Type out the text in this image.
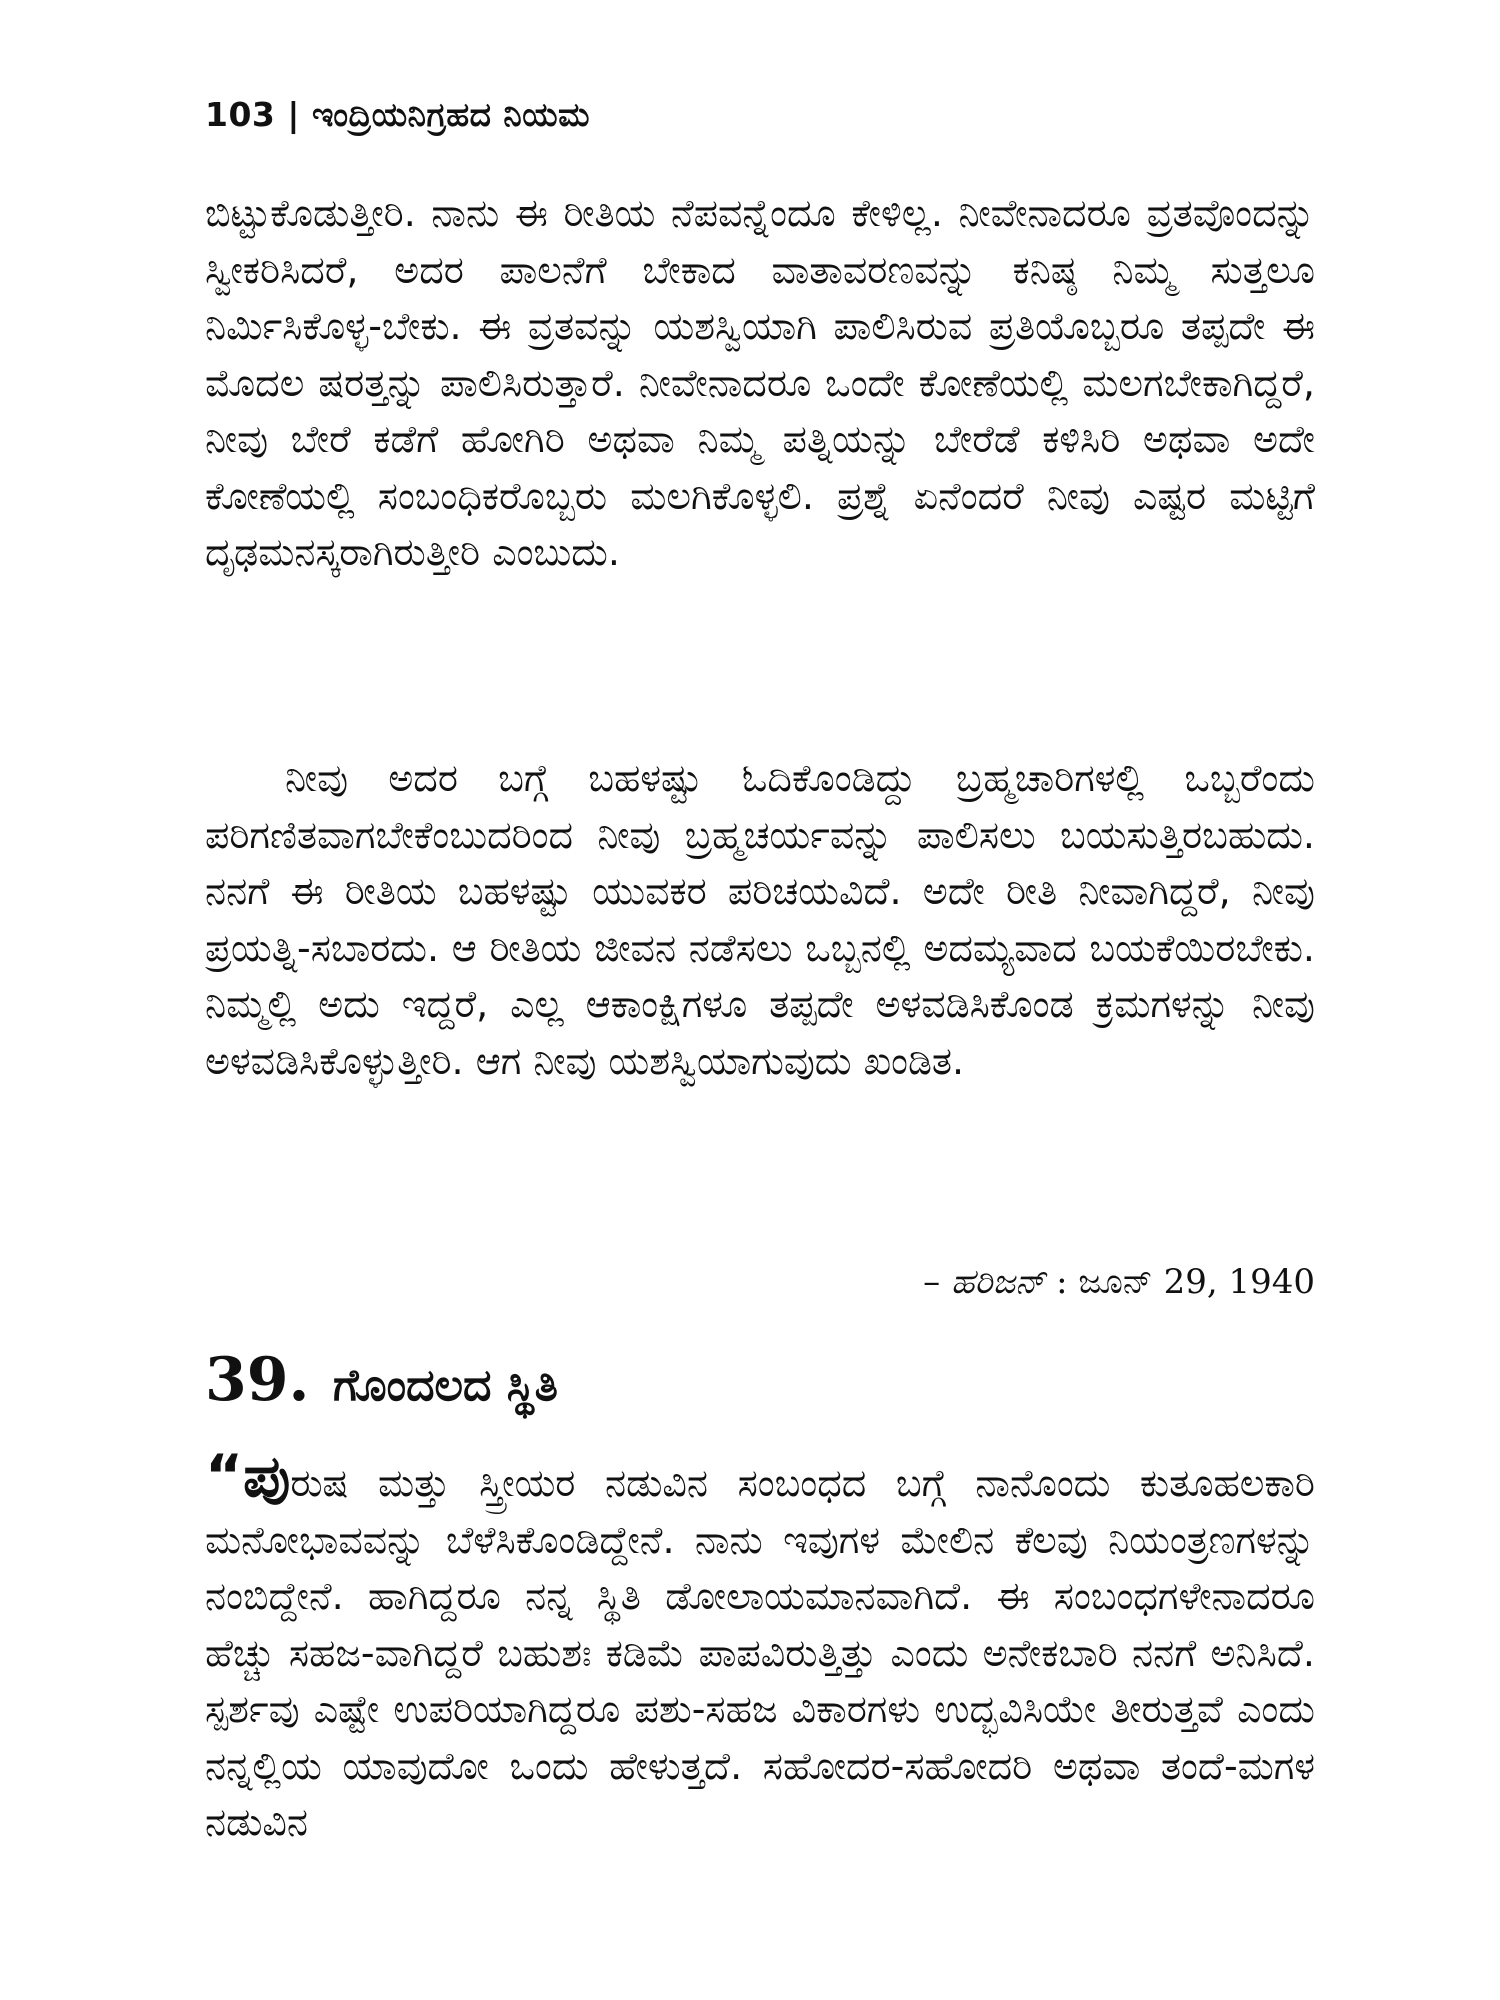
103 | ಇಂದ್ರಿಯನಿಗ್ರಹದ ನಿಯಮ

ಬಿಟ್ಟುಕೊಡುತ್ತೀರಿ. ನಾನು ಈ ರೀತಿಯ ನೆಪವನ್ನೆಂದೂ ಕೇಳಿಲ್ಲ. ನೀವೇನಾದರೂ ವ್ರತವೊಂದನ್ನು ಸ್ವೀಕರಿಸಿದರೆ, ಅದರ ಪಾಲನೆಗೆ ಬೇಕಾದ ವಾತಾವರಣವನ್ನು ಕನಿಷ್ಠ ನಿಮ್ಮ ಸುತ್ತಲೂ ನಿರ್ಮಿಸಿಕೊಳ್ಳ-ಬೇಕು. ಈ ವ್ರತವನ್ನು ಯಶಸ್ವಿಯಾಗಿ ಪಾಲಿಸಿರುವ ಪ್ರತಿಯೊಬ್ಬರೂ ತಪ್ಪದೇ ಈ ಮೊದಲ ಷರತ್ತನ್ನು ಪಾಲಿಸಿರುತ್ತಾರೆ. ನೀವೇನಾದರೂ ಒಂದೇ ಕೋಣೆಯಲ್ಲಿ ಮಲಗಬೇಕಾಗಿದ್ದರೆ, ನೀವು ಬೇರೆ ಕಡೆಗೆ ಹೋಗಿರಿ ಅಥವಾ ನಿಮ್ಮ ಪತ್ನಿಯನ್ನು ಬೇರೆಡೆ ಕಳಿಸಿರಿ ಅಥವಾ ಅದೇ ಕೋಣೆಯಲ್ಲಿ ಸಂಬಂಧಿಕರೊಬ್ಬರು ಮಲಗಿಕೊಳ್ಳಲಿ. ಪ್ರಶ್ನೆ ಏನೆಂದರೆ ನೀವು ಎಷ್ಟರ ಮಟ್ಟಿಗೆ ದೃಢಮನಸ್ಕರಾಗಿರುತ್ತೀರಿ ಎಂಬುದು.

ನೀವು ಅದರ ಬಗ್ಗೆ ಬಹಳಷ್ಟು ಓದಿಕೊಂಡಿದ್ದು ಬ್ರಹ್ಮಚಾರಿಗಳಲ್ಲಿ ಒಬ್ಬರೆಂದು ಪರಿಗಣಿತವಾಗಬೇಕೆಂಬುದರಿಂದ ನೀವು ಬ್ರಹ್ಮಚರ್ಯವನ್ನು ಪಾಲಿಸಲು ಬಯಸುತ್ತಿರಬಹುದು. ನನಗೆ ಈ ರೀತಿಯ ಬಹಳಷ್ಟು ಯುವಕರ ಪರಿಚಯವಿದೆ. ಅದೇ ರೀತಿ ನೀವಾಗಿದ್ದರೆ, ನೀವು ಪ್ರಯತ್ನಿ-ಸಬಾರದು. ಆ ರೀತಿಯ ಜೀವನ ನಡೆಸಲು ಒಬ್ಬನಲ್ಲಿ ಅದಮ್ಯವಾದ ಬಯಕೆಯಿರಬೇಕು. ನಿಮ್ಮಲ್ಲಿ ಅದು ಇದ್ದರೆ, ಎಲ್ಲ ಆಕಾಂಕ್ಷಿಗಳೂ ತಪ್ಪದೇ ಅಳವಡಿಸಿಕೊಂಡ ಕ್ರಮಗಳನ್ನು ನೀವು ಅಳವಡಿಸಿಕೊಳ್ಳುತ್ತೀರಿ. ಆಗ ನೀವು ಯಶಸ್ವಿಯಾಗುವುದು ಖಂಡಿತ.

– ಹರಿಜನ್ : ಜೂನ್ 29, 1940
39. ಗೊಂದಲದ ಸ್ಥಿತಿ

“ಪುರುಷ ಮತ್ತು ಸ್ತ್ರೀಯರ ನಡುವಿನ ಸಂಬಂಧದ ಬಗ್ಗೆ ನಾನೊಂದು ಕುತೂಹಲಕಾರಿ ಮನೋಭಾವವನ್ನು ಬೆಳೆಸಿಕೊಂಡಿದ್ದೇನೆ. ನಾನು ಇವುಗಳ ಮೇಲಿನ ಕೆಲವು ನಿಯಂತ್ರಣಗಳನ್ನು ನಂಬಿದ್ದೇನೆ. ಹಾಗಿದ್ದರೂ ನನ್ನ ಸ್ಥಿತಿ ಡೋಲಾಯಮಾನವಾಗಿದೆ. ಈ ಸಂಬಂಧಗಳೇನಾದರೂ ಹೆಚ್ಚು ಸಹಜ-ವಾಗಿದ್ದರೆ ಬಹುಶಃ ಕಡಿಮೆ ಪಾಪವಿರುತ್ತಿತ್ತು ಎಂದು ಅನೇಕಬಾರಿ ನನಗೆ ಅನಿಸಿದೆ. ಸ್ಪರ್ಶವು ಎಷ್ಟೇ ಉಪರಿಯಾಗಿದ್ದರೂ ಪಶು-ಸಹಜ ವಿಕಾರಗಳು ಉದ್ಭವಿಸಿಯೇ ತೀರುತ್ತವೆ ಎಂದು ನನ್ನಲ್ಲಿಯ ಯಾವುದೋ ಒಂದು ಹೇಳುತ್ತದೆ. ಸಹೋದರ-ಸಹೋದರಿ ಅಥವಾ ತಂದೆ-ಮಗಳ ನಡುವಿನ
